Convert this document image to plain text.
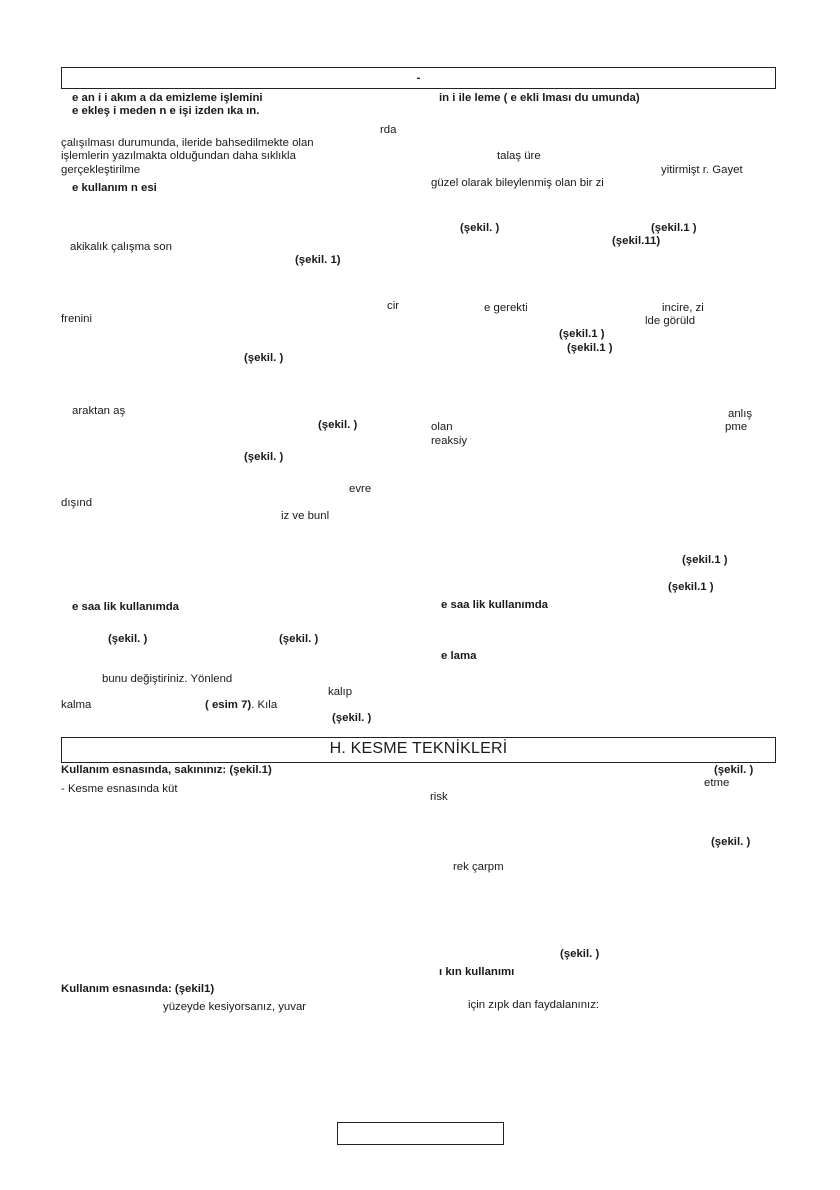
-
e an i i akım a da emizleme işlemini
e ekleş i meden n e işi izden ıka ın.
rda
çalışılması durumunda, ileride bahsedilmekte olan
işlemlerin yazılmakta olduğundan daha sıklıkla
gerçekleştirilme
e kullanım n esi
akikalık çalışma son
(şekil. 1)
cir
frenini
(şekil. )
araktan aş
(şekil. )
(şekil. )
evre
dışınd
iz ve bunl
e saa lik kullanımda
(şekil. )	(şekil. )
bunu değiştiriniz. Yönlend
kalıp
kalma	( esim 7). Kıla
(şekil. )
in i ile leme ( e ekli lması du umunda)
talaş üre
yitirmişt r. Gayet
güzel olarak bileylenmiş olan bir zi
(şekil. )	(şekil.1 )
(şekil.11)
e gerekti	incire, zi
lde görüld
(şekil.1 )
(şekil.1 )
anlış
olan	pme
reaksiy
(şekil.1 )
(şekil.1 )
e saa lik kullanımda
e lama
H. KESME TEKNİKLERİ
Kullanım esnasında, sakınınız: (şekil.1)
- Kesme esnasında küt
Kullanım esnasında: (şekil1)
yüzeyde kesiyorsanız, yuvar
(şekil. )
etme
risk
(şekil. )
rek çarpm
(şekil. )
ı kın kullanımı
için zıpk dan faydalanınız:
